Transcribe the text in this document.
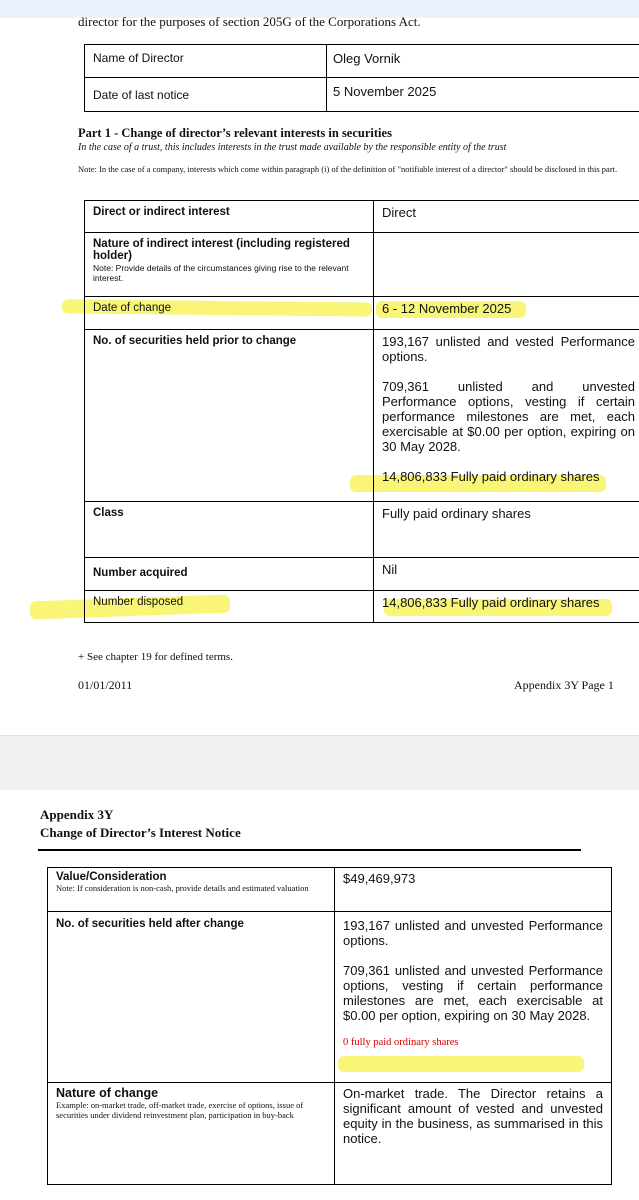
director for the purposes of section 205G of the Corporations Act.
Name of Director	Oleg Vornik
Date of last notice	5 November 2025
Part 1 - Change of director’s relevant interests in securities
In the case of a trust, this includes interests in the trust made available by the responsible entity of the trust
Note: In the case of a company, interests which come within paragraph (i) of the definition of "notifiable interest of a director" should be disclosed in this part.
Direct or indirect interest	Direct
Nature of indirect interest (including registered holder)
Note: Provide details of the circumstances giving rise to the relevant interest.	

Date of change	6 - 12 November 2025
No. of securities held prior to change	193,167 unlisted and vested Performance options.
709,361 unlisted and unvested Performance options, vesting if certain performance milestones are met, each exercisable at $0.00 per option, expiring on 30 May 2028.
14,806,833 Fully paid ordinary shares

Class	Fully paid ordinary shares
Number acquired	Nil
Number disposed	14,806,833 Fully paid ordinary shares
+ See chapter 19 for defined terms.
01/01/2011	Appendix 3Y Page 1
Appendix 3Y
Change of Director’s Interest Notice
Value/Consideration
Note: If consideration is non-cash, provide details and estimated valuation	$49,469,973
No. of securities held after change	193,167 unlisted and unvested Performance options.
709,361 unlisted and unvested Performance options, vesting if certain performance milestones are met, each exercisable at $0.00 per option, expiring on 30 May 2028.
0 fully paid ordinary shares

Nature of change
Example: on-market trade, off-market trade, exercise of options, issue of securities under dividend reinvestment plan, participation in buy-back	On-market trade. The Director retains a significant amount of vested and unvested equity in the business, as summarised in this notice.
